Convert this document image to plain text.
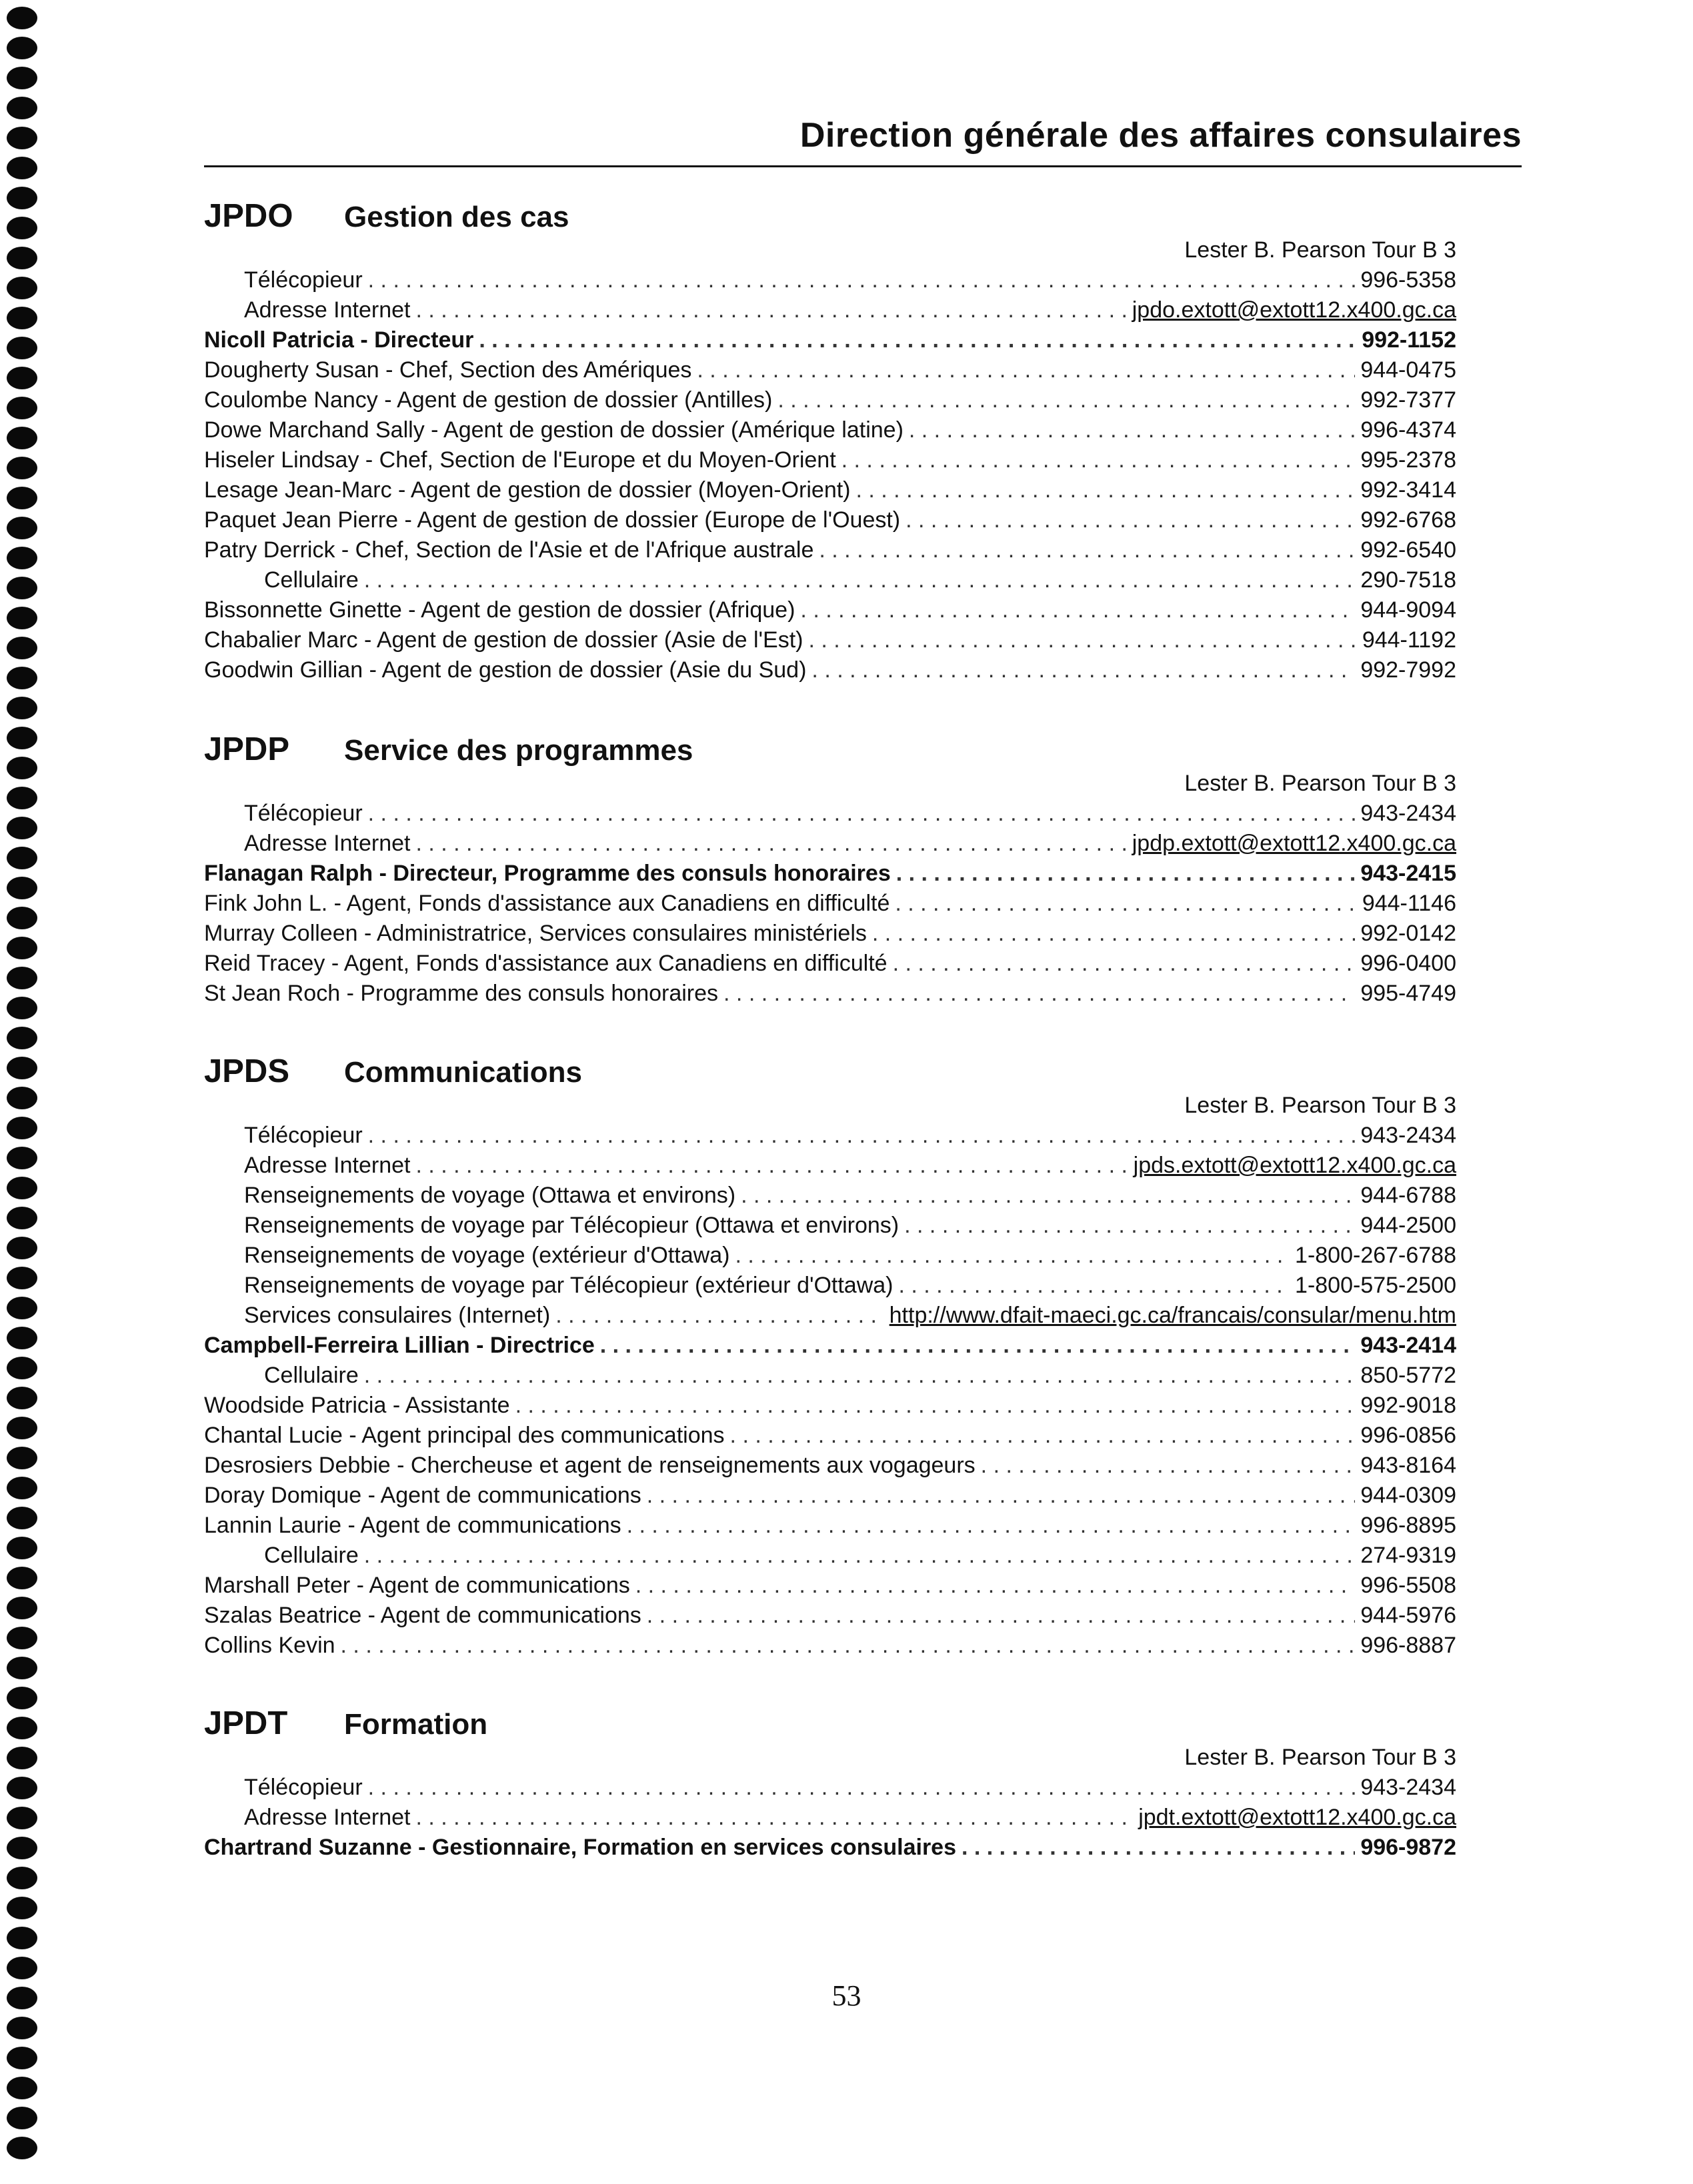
Direction générale des affaires consulaires
JPDO Gestion des cas
Lester B. Pearson Tour B 3
Télécopieur . . .	996-5358
Adresse Internet . . .	jpdo.extott@extott12.x400.gc.ca
Nicoll Patricia - Directeur . . .	992-1152
Dougherty Susan - Chef, Section des Amériques . . .	944-0475
Coulombe Nancy - Agent de gestion de dossier (Antilles) . . .	992-7377
Dowe Marchand Sally - Agent de gestion de dossier (Amérique latine) . . .	996-4374
Hiseler Lindsay - Chef, Section de l'Europe et du Moyen-Orient . . .	995-2378
Lesage Jean-Marc - Agent de gestion de dossier (Moyen-Orient) . . .	992-3414
Paquet Jean Pierre - Agent de gestion de dossier (Europe de l'Ouest) . . .	992-6768
Patry Derrick - Chef, Section de l'Asie et de l'Afrique australe . . .	992-6540
Cellulaire . . .	290-7518
Bissonnette Ginette - Agent de gestion de dossier (Afrique) . . .	944-9094
Chabalier Marc - Agent de gestion de dossier (Asie de l'Est) . . .	944-1192
Goodwin Gillian - Agent de gestion de dossier (Asie du Sud) . . .	992-7992
JPDP Service des programmes
Lester B. Pearson Tour B 3
Télécopieur . . .	943-2434
Adresse Internet . . .	jpdp.extott@extott12.x400.gc.ca
Flanagan Ralph - Directeur, Programme des consuls honoraires . . .	943-2415
Fink John L. - Agent, Fonds d'assistance aux Canadiens en difficulté . . .	944-1146
Murray Colleen - Administratrice, Services consulaires ministériels . . .	992-0142
Reid Tracey - Agent, Fonds d'assistance aux Canadiens en difficulté . . .	996-0400
St Jean Roch - Programme des consuls honoraires . . .	995-4749
JPDS Communications
Lester B. Pearson Tour B 3
Télécopieur . . .	943-2434
Adresse Internet . . .	jpds.extott@extott12.x400.gc.ca
Renseignements de voyage (Ottawa et environs) . . .	944-6788
Renseignements de voyage par Télécopieur (Ottawa et environs) . . .	944-2500
Renseignements de voyage (extérieur d'Ottawa) . . .	1-800-267-6788
Renseignements de voyage par Télécopieur (extérieur d'Ottawa) . . .	1-800-575-2500
Services consulaires (Internet) . . .	http://www.dfait-maeci.gc.ca/francais/consular/menu.htm
Campbell-Ferreira Lillian - Directrice . . .	943-2414
Cellulaire . . .	850-5772
Woodside Patricia - Assistante . . .	992-9018
Chantal Lucie - Agent principal des communications . . .	996-0856
Desrosiers Debbie - Chercheuse et agent de renseignements aux vogageurs . . .	943-8164
Doray Domique - Agent de communications . . .	944-0309
Lannin Laurie - Agent de communications . . .	996-8895
Cellulaire . . .	274-9319
Marshall Peter - Agent de communications . . .	996-5508
Szalas Beatrice - Agent de communications . . .	944-5976
Collins Kevin . . .	996-8887
JPDT Formation
Lester B. Pearson Tour B 3
Télécopieur . . .	943-2434
Adresse Internet . . .	jpdt.extott@extott12.x400.gc.ca
Chartrand Suzanne - Gestionnaire, Formation en services consulaires . . .	996-9872
53
